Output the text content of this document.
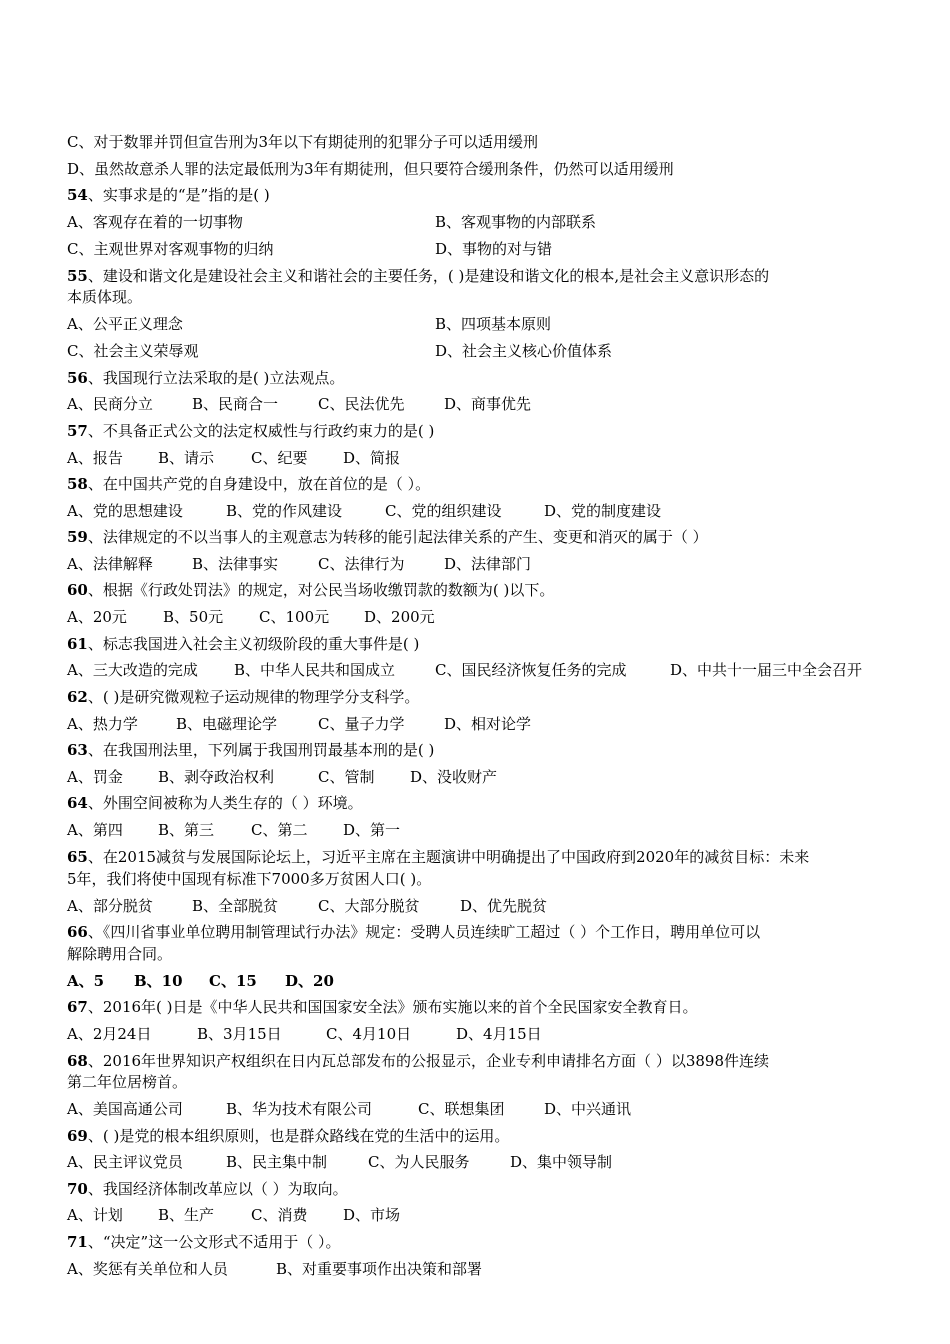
C、对于数罪并罚但宣告刑为3年以下有期徒刑的犯罪分子可以适用缓刑
D、虽然故意杀人罪的法定最低刑为3年有期徒刑，但只要符合缓刑条件，仍然可以适用缓刑
54、实事求是的“是”指的是( )
A、客观存在着的一切事物	B、客观事物的内部联系
C、主观世界对客观事物的归纳	D、事物的对与错
55、建设和谐文化是建设社会主义和谐社会的主要任务，( )是建设和谐文化的根本,是社会主义意识形态的
本质体现。
A、公平正义理念	B、四项基本原则
C、社会主义荣辱观	D、社会主义核心价值体系
56、我国现行立法采取的是( )立法观点。
A、民商分立	B、民商合一	C、民法优先	D、商事优先
57、不具备正式公文的法定权威性与行政约束力的是( )
A、报告 B、请示 C、纪要 D、简报
58、在中国共产党的自身建设中，放在首位的是（ ）。
A、党的思想建设	B、党的作风建设	C、党的组织建设	D、党的制度建设
59、法律规定的不以当事人的主观意志为转移的能引起法律关系的产生、变更和消灭的属于（ ）
A、法律解释	B、法律事实	C、法律行为	D、法律部门
60、根据《行政处罚法》的规定，对公民当场收缴罚款的数额为( )以下。
A、20元 B、50元 C、100元 D、200元
61、标志我国进入社会主义初级阶段的重大事件是( )
A、三大改造的完成 B、中华人民共和国成立	C、国民经济恢复任务的完成	D、中共十一届三中全会召开
62、( )是研究微观粒子运动规律的物理学分支科学。
A、热力学	B、电磁理论学	C、量子力学	D、相对论学
63、在我国刑法里，下列属于我国刑罚最基本刑的是( )
A、罚金 B、剥夺政治权利	C、管制 D、没收财产
64、外围空间被称为人类生存的（ ）环境。
A、第四 B、第三 C、第二 D、第一
65、在2015减贫与发展国际论坛上，习近平主席在主题演讲中明确提出了中国政府到2020年的减贫目标：未来
5年，我们将使中国现有标准下7000多万贫困人口( )。
A、部分脱贫	B、全部脱贫	C、大部分脱贫	D、优先脱贫
66、《四川省事业单位聘用制管理试行办法》规定：受聘人员连续旷工超过（ ）个工作日，聘用单位可以
解除聘用合同。
A、5 B、10 C、15 D、20
67、2016年( )日是《中华人民共和国国家安全法》颁布实施以来的首个全民国家安全教育日。
A、2月24日	B、3月15日	C、4月10日	D、4月15日
68、2016年世界知识产权组织在日内瓦总部发布的公报显示，企业专利申请排名方面（ ）以3898件连续
第二年位居榜首。
A、美国高通公司	B、华为技术有限公司	C、联想集团	D、中兴通讯
69、( )是党的根本组织原则，也是群众路线在党的生活中的运用。
A、民主评议党员	B、民主集中制	C、为人民服务	D、集中领导制
70、我国经济体制改革应以（ ）为取向。
A、计划 B、生产 C、消费 D、市场
71、“决定”这一公文形式不适用于（ ）。
A、奖惩有关单位和人员	B、对重要事项作出决策和部署
